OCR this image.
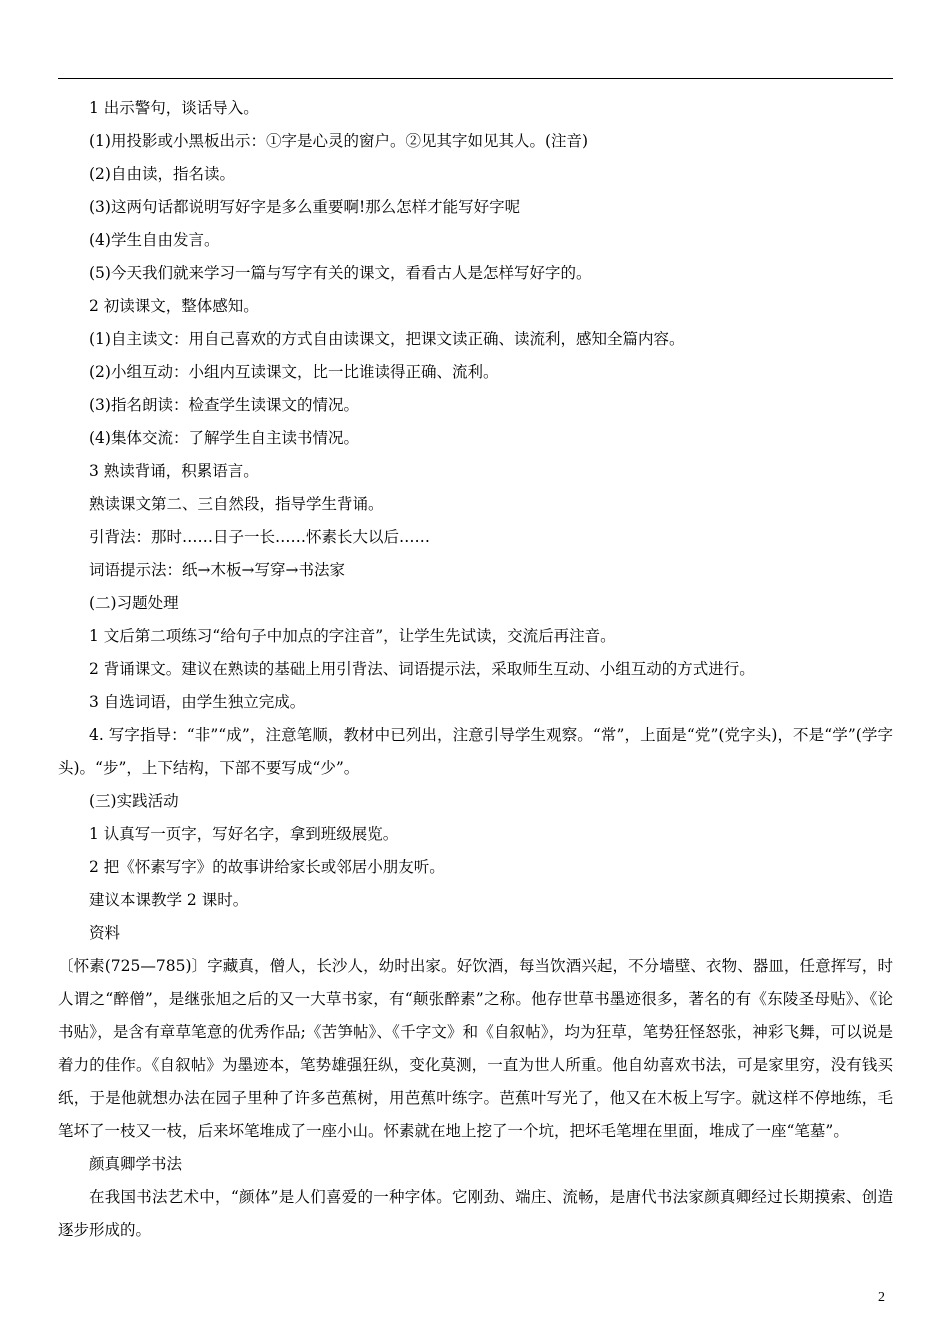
1 出示警句，谈话导入。

(1)用投影或小黑板出示：①字是心灵的窗户。②见其字如见其人。(注音)

(2)自由读，指名读。

(3)这两句话都说明写好字是多么重要啊!那么怎样才能写好字呢

(4)学生自由发言。

(5)今天我们就来学习一篇与写字有关的课文，看看古人是怎样写好字的。

2 初读课文，整体感知。

(1)自主读文：用自己喜欢的方式自由读课文，把课文读正确、读流利，感知全篇内容。

(2)小组互动：小组内互读课文，比一比谁读得正确、流利。

(3)指名朗读：检查学生读课文的情况。

(4)集体交流：了解学生自主读书情况。

3 熟读背诵，积累语言。

熟读课文第二、三自然段，指导学生背诵。

引背法：那时……日子一长……怀素长大以后……

词语提示法：纸→木板→写穿→书法家

(二)习题处理

1 文后第二项练习“给句子中加点的字注音”，让学生先试读，交流后再注音。

2 背诵课文。建议在熟读的基础上用引背法、词语提示法，采取师生互动、小组互动的方式进行。

3 自选词语，由学生独立完成。

4. 写字指导：“非”“成”，注意笔顺，教材中已列出，注意引导学生观察。“常”，上面是“党”(党字头)，不是“学”(学字头)。“步”，上下结构，下部不要写成“少”。

(三)实践活动

1 认真写一页字，写好名字，拿到班级展览。

2 把《怀素写字》的故事讲给家长或邻居小朋友听。

建议本课教学 2 课时。

资料

〔怀素(725—785)〕字藏真，僧人，长沙人，幼时出家。好饮酒，每当饮酒兴起，不分墙壁、衣物、器皿，任意挥写，时人谓之“醉僧”，是继张旭之后的又一大草书家，有“颠张醉素”之称。他存世草书墨迹很多，著名的有《东陵圣母贴》、《论书贴》，是含有章草笔意的优秀作品;《苦笋帖》、《千字文》和《自叙帖》，均为狂草，笔势狂怪怒张，神彩飞舞，可以说是着力的佳作。《自叙帖》为墨迹本，笔势雄强狂纵，变化莫测，一直为世人所重。他自幼喜欢书法，可是家里穷，没有钱买纸，于是他就想办法在园子里种了许多芭蕉树，用芭蕉叶练字。芭蕉叶写光了，他又在木板上写字。就这样不停地练，毛笔坏了一枝又一枝，后来坏笔堆成了一座小山。怀素就在地上挖了一个坑，把坏毛笔埋在里面，堆成了一座“笔墓”。

颜真卿学书法

在我国书法艺术中，“颜体”是人们喜爱的一种字体。它刚劲、端庄、流畅，是唐代书法家颜真卿经过长期摸索、创造逐步形成的。

2
